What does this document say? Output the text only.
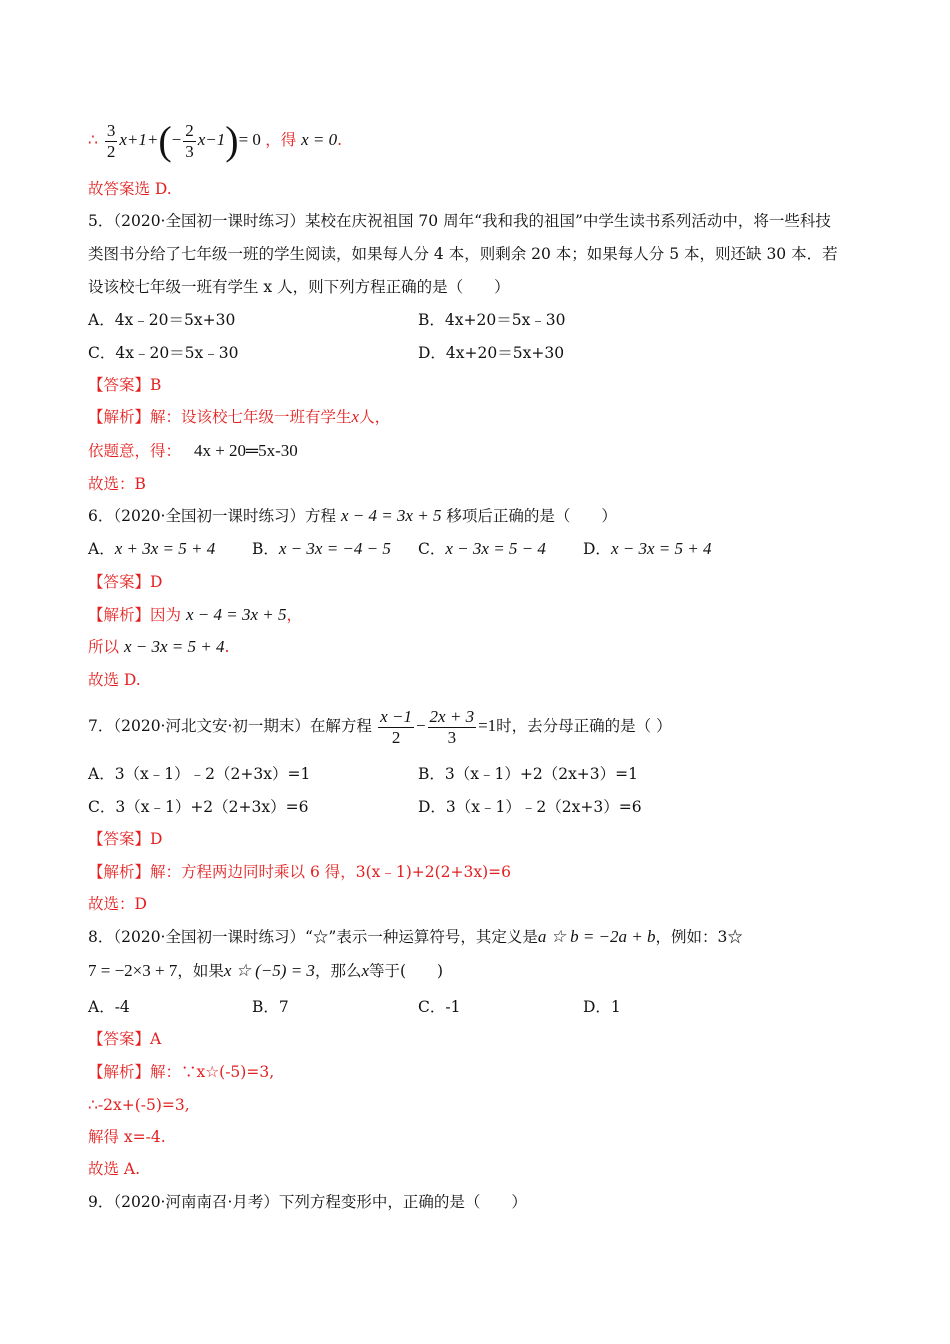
∴ $\frac{3}{2} x+1+(- \frac{2}{3} x-1)= 0$ ，得 x = 0.
故答案选 D.
5．（2020·全国初一课时练习）某校在庆祝祖国 70 周年“我和我的祖国”中学生读书系列活动中，将一些科技
类图书分给了七年级一班的学生阅读，如果每人分 4 本，则剩余 20 本；如果每人分 5 本，则还缺 30 本．若
设该校七年级一班有学生 x 人，则下列方程正确的是（　　）
A．4x﹣20＝5x+30	B．4x+20＝5x﹣30
C．4x﹣20＝5x﹣30	D．4x+20＝5x+30
【答案】B
【解析】解：设该校七年级一班有学生x人，
依题意，得： 4x + 20═5x-30
故选：B
6．（2020·全国初一课时练习）方程 x − 4 = 3x + 5 移项后正确的是（　　）
A．x + 3x = 5 + 4 B．x − 3x = −4 − 5 C．x − 3x = 5 − 4 D．x − 3x = 5 + 4
【答案】D
【解析】因为 x − 4 = 3x + 5，
所以 x − 3x = 5 + 4.
故选 D.
7．（2020·河北文安·初一期末）在解方程 $\frac{x -1}{2} - \frac{2x + 3}{3} =1$时，去分母正确的是（ ）
A．3（x﹣1）﹣2（2+3x）=1	B．3（x﹣1）+2（2x+3）=1
C．3（x﹣1）+2（2+3x）=6	D．3（x﹣1）﹣2（2x+3）=6
【答案】D
【解析】解：方程两边同时乘以 6 得，3(x﹣1)+2(2+3x)=6
故选：D
8．（2020·全国初一课时练习）“☆”表示一种运算符号，其定义是a ☆ b = −2a + b，例如：3☆
7 = −2×3 + 7，如果x ☆ (−5) = 3，那么x等于(　　)
A．-4	B．7	C．-1	D．1
【答案】A
【解析】解：∵x☆(-5)=3,
∴-2x+(-5)=3,
解得 x=-4.
故选 A.
9．（2020·河南南召·月考）下列方程变形中，正确的是（　　）
